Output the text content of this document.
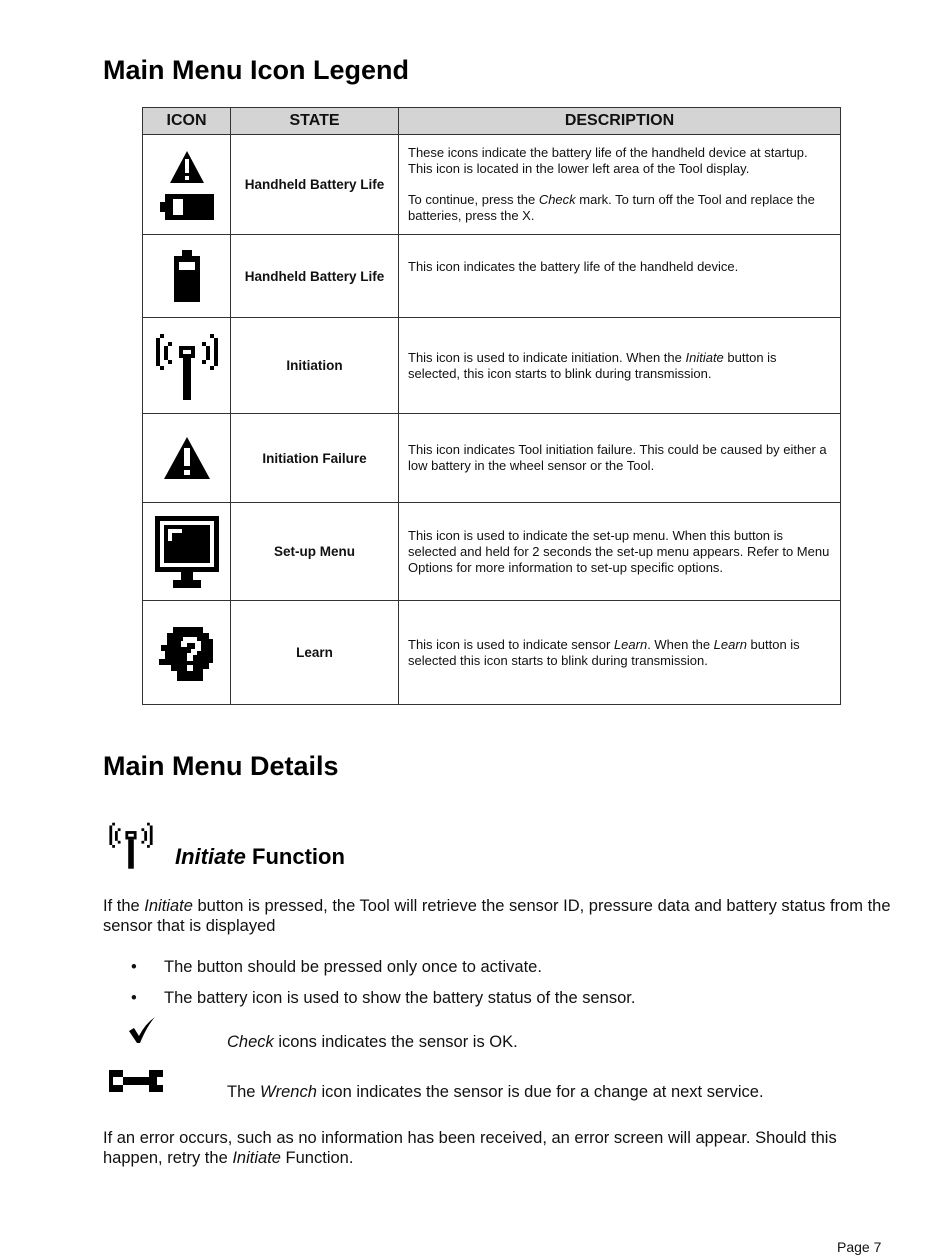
Main Menu Icon Legend
ICON	STATE	DESCRIPTION

	Handheld Battery Life	These icons indicate the battery life of the handheld device at startup. This icon is located in the lower left area of the Tool display.

To continue, press the Check mark. To turn off the Tool and replace the batteries, press the X.

	Handheld Battery Life	This icon indicates the battery life of the handheld device.

	Initiation	This icon is used to indicate initiation. When the Initiate button is selected, this icon starts to blink during transmission.

	Initiation Failure	This icon indicates Tool initiation failure. This could be caused by either a low battery in the wheel sensor or the Tool.

	Set-up Menu	This icon is used to indicate the set-up menu. When this button is selected and held for 2 seconds the set-up menu appears. Refer to Menu Options for more information to set-up specific options.

	Learn	This icon is used to indicate sensor Learn. When the Learn button is selected this icon starts to blink during transmission.

Main Menu Details
Initiate Function
If the Initiate button is pressed, the Tool will retrieve the sensor ID, pressure data and battery status from the sensor that is displayed
• The button should be pressed only once to activate.
• The battery icon is used to show the battery status of the sensor.
Check icons indicates the sensor is OK.
The Wrench icon indicates the sensor is due for a change at next service.
If an error occurs, such as no information has been received, an error screen will appear. Should this happen, retry the Initiate Function.
Page 7
